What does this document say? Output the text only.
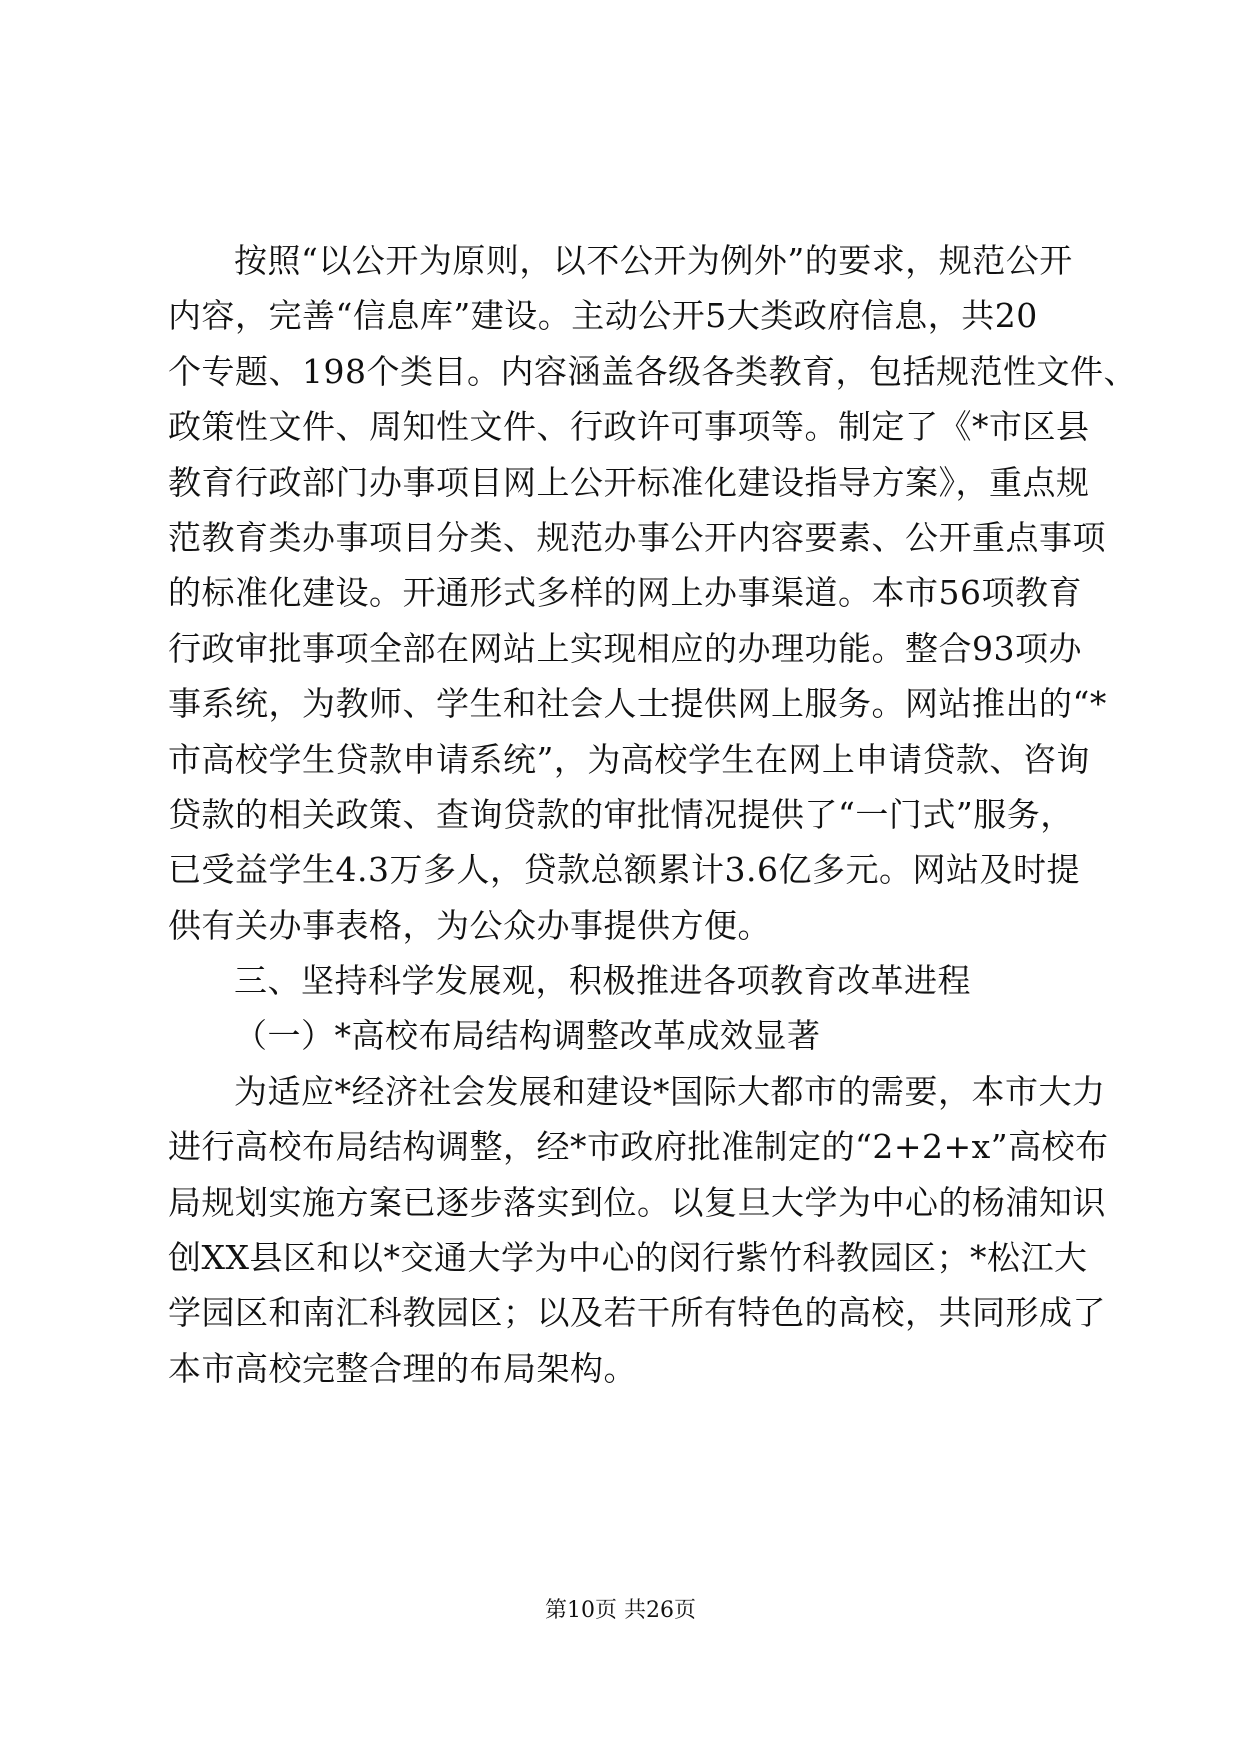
按照“以公开为原则，以不公开为例外”的要求，规范公开

内容，完善“信息库”建设。主动公开5大类政府信息，共20

个专题、198个类目。内容涵盖各级各类教育，包括规范性文件、

政策性文件、周知性文件、行政许可事项等。制定了《*市区县

教育行政部门办事项目网上公开标准化建设指导方案》，重点规

范教育类办事项目分类、规范办事公开内容要素、公开重点事项

的标准化建设。开通形式多样的网上办事渠道。本市56项教育

行政审批事项全部在网站上实现相应的办理功能。整合93项办

事系统，为教师、学生和社会人士提供网上服务。网站推出的“*

市高校学生贷款申请系统”，为高校学生在网上申请贷款、咨询

贷款的相关政策、查询贷款的审批情况提供了“一门式”服务，

已受益学生4.3万多人，贷款总额累计3.6亿多元。网站及时提

供有关办事表格，为公众办事提供方便。

三、坚持科学发展观，积极推进各项教育改革进程

（一）*高校布局结构调整改革成效显著

为适应*经济社会发展和建设*国际大都市的需要，本市大力

进行高校布局结构调整，经*市政府批准制定的“2+2+x”高校布

局规划实施方案已逐步落实到位。以复旦大学为中心的杨浦知识

创XX县区和以*交通大学为中心的闵行紫竹科教园区；*松江大

学园区和南汇科教园区；以及若干所有特色的高校，共同形成了

本市高校完整合理的布局架构。

第10页 共26页
